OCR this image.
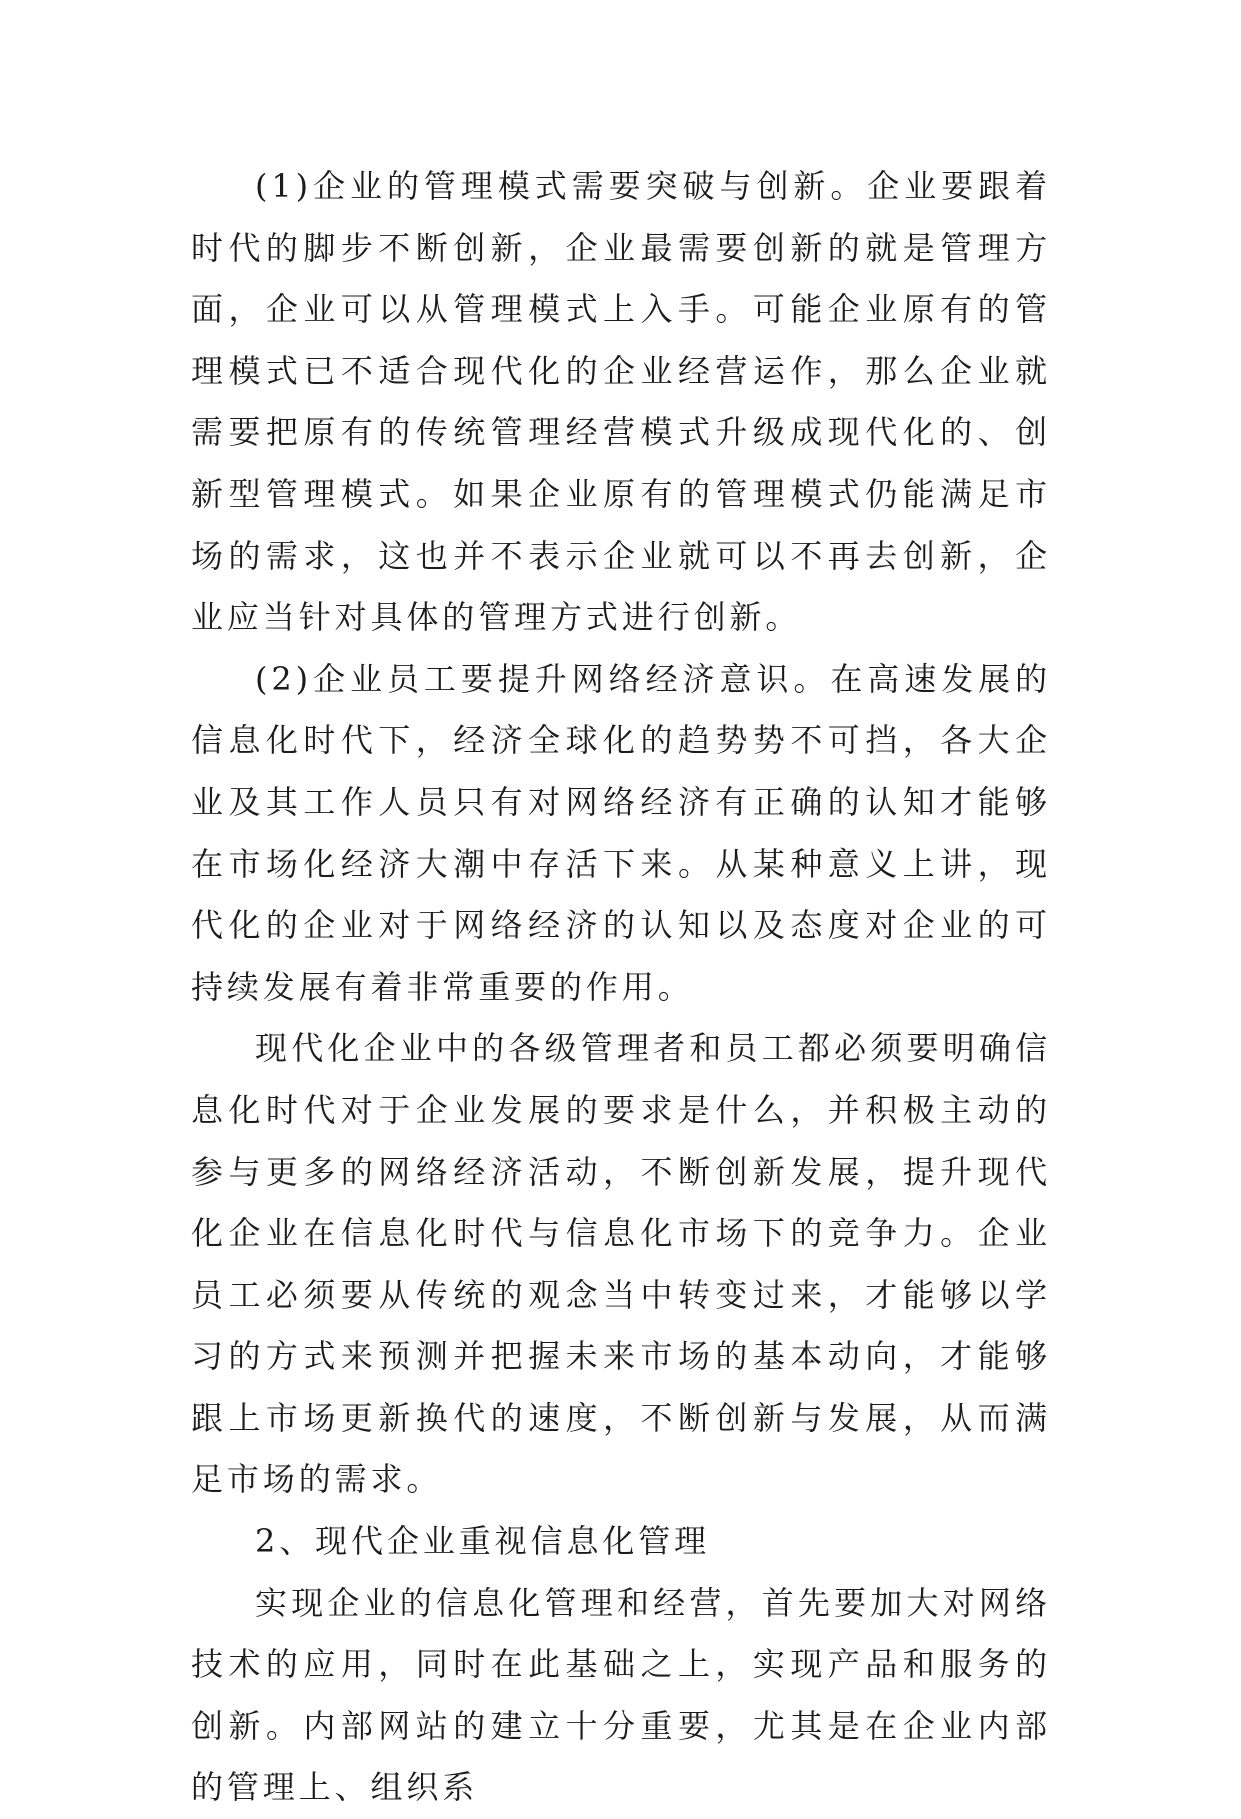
(1)企业的管理模式需要突破与创新。企业要跟着时代的脚步不断创新，企业最需要创新的就是管理方面，企业可以从管理模式上入手。可能企业原有的管理模式已不适合现代化的企业经营运作，那么企业就需要把原有的传统管理经营模式升级成现代化的、创新型管理模式。如果企业原有的管理模式仍能满足市场的需求，这也并不表示企业就可以不再去创新，企业应当针对具体的管理方式进行创新。

(2)企业员工要提升网络经济意识。在高速发展的信息化时代下，经济全球化的趋势势不可挡，各大企业及其工作人员只有对网络经济有正确的认知才能够在市场化经济大潮中存活下来。从某种意义上讲，现代化的企业对于网络经济的认知以及态度对企业的可持续发展有着非常重要的作用。

现代化企业中的各级管理者和员工都必须要明确信息化时代对于企业发展的要求是什么，并积极主动的参与更多的网络经济活动，不断创新发展，提升现代化企业在信息化时代与信息化市场下的竞争力。企业员工必须要从传统的观念当中转变过来，才能够以学习的方式来预测并把握未来市场的基本动向，才能够跟上市场更新换代的速度，不断创新与发展，从而满足市场的需求。

2、现代企业重视信息化管理

实现企业的信息化管理和经营，首先要加大对网络技术的应用，同时在此基础之上，实现产品和服务的创新。内部网站的建立十分重要，尤其是在企业内部的管理上、组织系
